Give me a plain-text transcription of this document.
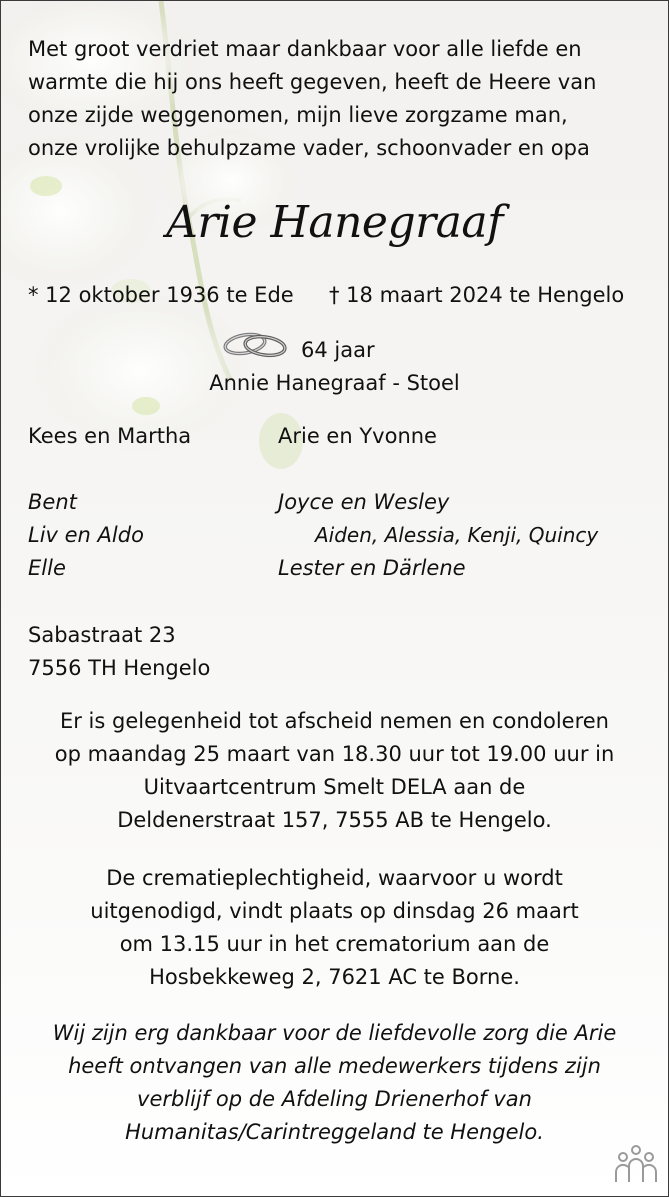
Met groot verdriet maar dankbaar voor alle liefde en
warmte die hij ons heeft gegeven, heeft de Heere van
onze zijde weggenomen, mijn lieve zorgzame man,
onze vrolijke behulpzame vader, schoonvader en opa
Arie Hanegraaf
* 12 oktober 1936 te Ede † 18 maart 2024 te Hengelo
64 jaar
Annie Hanegraaf - Stoel
Kees en Martha	Arie en Yvonne
Bent	Joyce en Wesley
Liv en Aldo	Aiden, Alessia, Kenji, Quincy
Elle	Lester en Därlene
Sabastraat 23
7556 TH Hengelo
Er is gelegenheid tot afscheid nemen en condoleren
op maandag 25 maart van 18.30 uur tot 19.00 uur in
Uitvaartcentrum Smelt DELA aan de
Deldenerstraat 157, 7555 AB te Hengelo.
De crematieplechtigheid, waarvoor u wordt
uitgenodigd, vindt plaats op dinsdag 26 maart
om 13.15 uur in het crematorium aan de
Hosbekkeweg 2, 7621 AC te Borne.
Wij zijn erg dankbaar voor de liefdevolle zorg die Arie
heeft ontvangen van alle medewerkers tijdens zijn
verblijf op de Afdeling Drienerhof van
Humanitas/Carintreggeland te Hengelo.
